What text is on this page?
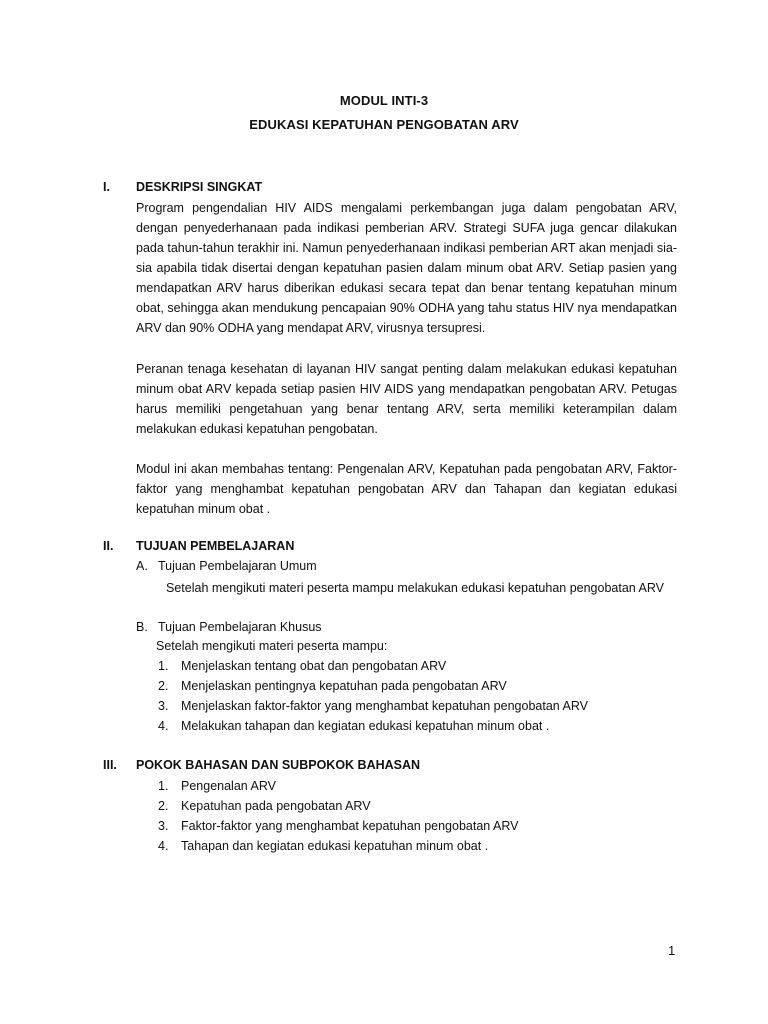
MODUL INTI-3
EDUKASI KEPATUHAN PENGOBATAN ARV
I. DESKRIPSI SINGKAT

Program pengendalian HIV AIDS mengalami perkembangan juga dalam pengobatan ARV, dengan penyederhanaan pada indikasi pemberian ARV. Strategi SUFA juga gencar dilakukan pada tahun-tahun terakhir ini. Namun penyederhanaan indikasi pemberian ART akan menjadi sia-sia apabila tidak disertai dengan kepatuhan pasien dalam minum obat ARV. Setiap pasien yang mendapatkan ARV harus diberikan edukasi secara tepat dan benar tentang kepatuhan minum obat, sehingga akan mendukung pencapaian 90% ODHA yang tahu status HIV nya mendapatkan ARV dan 90% ODHA yang mendapat ARV, virusnya tersupresi.

Peranan tenaga kesehatan di layanan HIV sangat penting dalam melakukan edukasi kepatuhan minum obat ARV kepada setiap pasien HIV AIDS yang mendapatkan pengobatan ARV. Petugas harus memiliki pengetahuan yang benar tentang ARV, serta memiliki keterampilan dalam melakukan edukasi kepatuhan pengobatan.

Modul ini akan membahas tentang: Pengenalan ARV, Kepatuhan pada pengobatan ARV, Faktor-faktor yang menghambat kepatuhan pengobatan ARV dan Tahapan dan kegiatan edukasi kepatuhan minum obat .

II. TUJUAN PEMBELAJARAN
A. Tujuan Pembelajaran Umum
Setelah mengikuti materi peserta mampu melakukan edukasi kepatuhan pengobatan ARV
B. Tujuan Pembelajaran Khusus
Setelah mengikuti materi peserta mampu:
1. Menjelaskan tentang obat dan pengobatan ARV
2. Menjelaskan pentingnya kepatuhan pada pengobatan ARV
3. Menjelaskan faktor-faktor yang menghambat kepatuhan pengobatan ARV
4. Melakukan tahapan dan kegiatan edukasi kepatuhan minum obat .
III. POKOK BAHASAN DAN SUBPOKOK BAHASAN
1. Pengenalan ARV
2. Kepatuhan pada pengobatan ARV
3. Faktor-faktor yang menghambat kepatuhan pengobatan ARV
4. Tahapan dan kegiatan edukasi kepatuhan minum obat .
1
